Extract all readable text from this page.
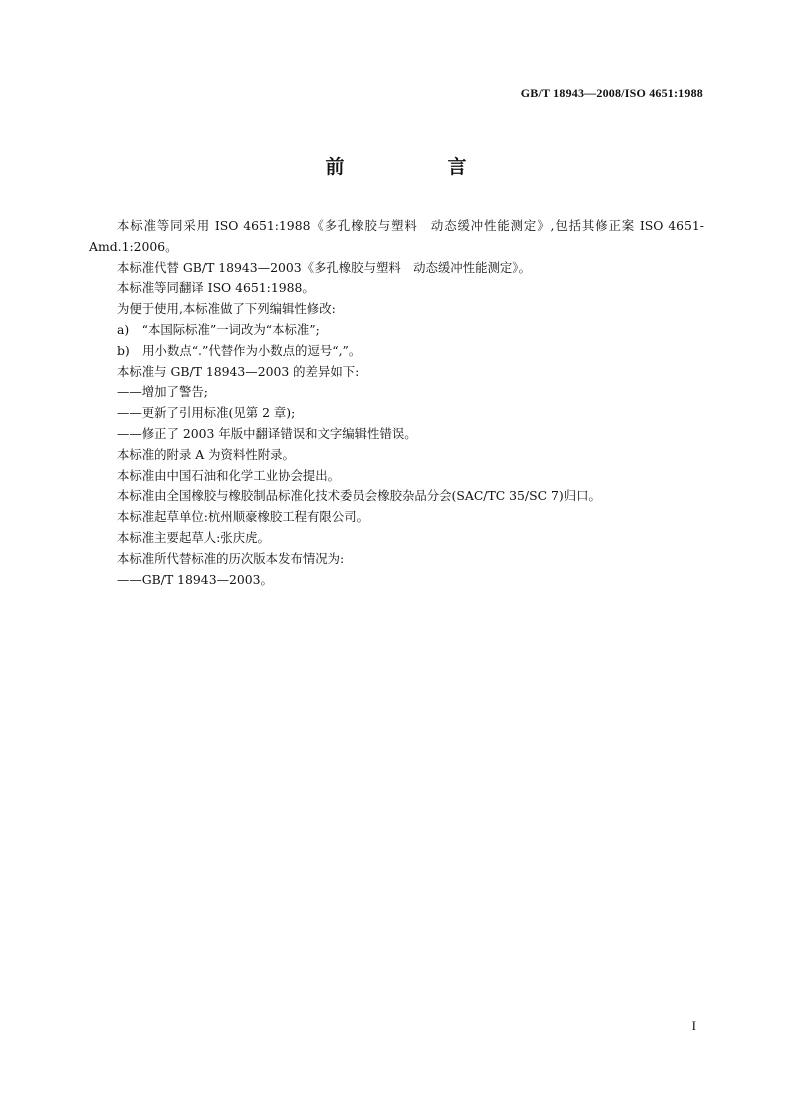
GB/T 18943—2008/ISO 4651:1988
前　言

本标准等同采用 ISO 4651:1988《多孔橡胶与塑料　动态缓冲性能测定》,包括其修正案 ISO 4651-Amd.1:2006。

本标准代替 GB/T 18943—2003《多孔橡胶与塑料　动态缓冲性能测定》。

本标准等同翻译 ISO 4651:1988。

为便于使用,本标准做了下列编辑性修改:

a)　“本国际标准”一词改为“本标准”;

b)　用小数点“.”代替作为小数点的逗号“,”。

本标准与 GB/T 18943—2003 的差异如下:

——增加了警告;

——更新了引用标准(见第 2 章);

——修正了 2003 年版中翻译错误和文字编辑性错误。

本标准的附录 A 为资料性附录。

本标准由中国石油和化学工业协会提出。

本标准由全国橡胶与橡胶制品标准化技术委员会橡胶杂品分会(SAC/TC 35/SC 7)归口。

本标准起草单位:杭州顺豪橡胶工程有限公司。

本标准主要起草人:张庆虎。

本标准所代替标准的历次版本发布情况为:

——GB/T 18943—2003。

I
